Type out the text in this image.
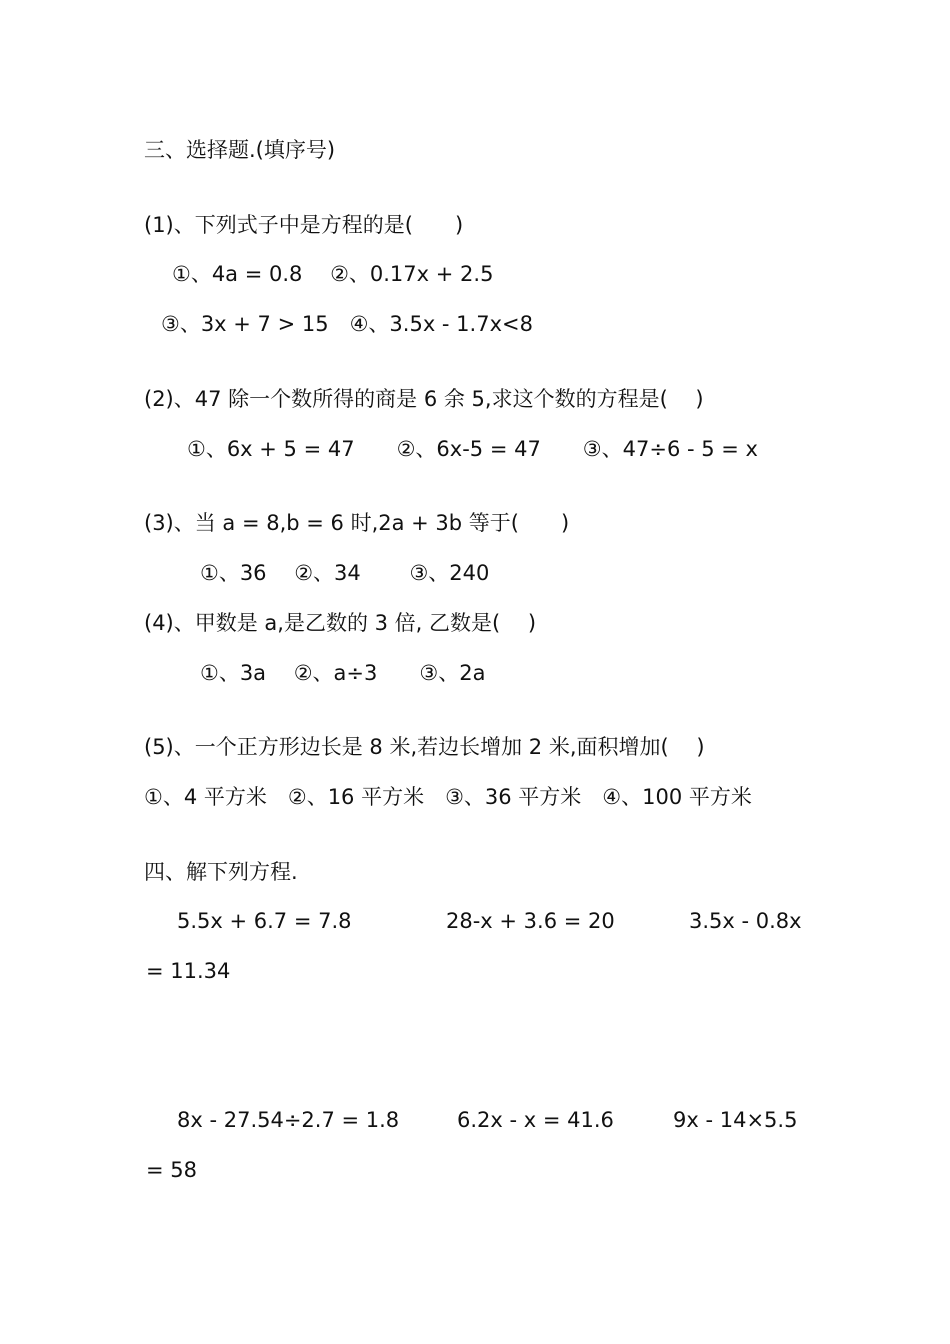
三、选择题.(填序号)
(1)、下列式子中是方程的是(　　)
①、4a = 0.8　 ②、0.17x + 2.5
③、3x + 7 > 15　④、3.5x - 1.7x<8
(2)、47 除一个数所得的商是 6 余 5,求这个数的方程是(　 )
①、6x + 5 = 47　　②、6x-5 = 47　　③、47÷6 - 5 = x
(3)、当 a = 8,b = 6 时,2a + 3b 等于(　　)
①、36　 ②、34　　 ③、240
(4)、甲数是 a,是乙数的 3 倍, 乙数是(　 )
①、3a　 ②、a÷3　　③、2a
(5)、一个正方形边长是 8 米,若边长增加 2 米,面积增加(　 )
①、4 平方米　②、16 平方米　③、36 平方米　④、100 平方米
四、解下列方程.
5.5x + 6.7 = 7.8	28-x + 3.6 = 20	3.5x - 0.8x
= 11.34
8x - 27.54÷2.7 = 1.8	6.2x - x = 41.6	9x - 14×5.5
= 58
